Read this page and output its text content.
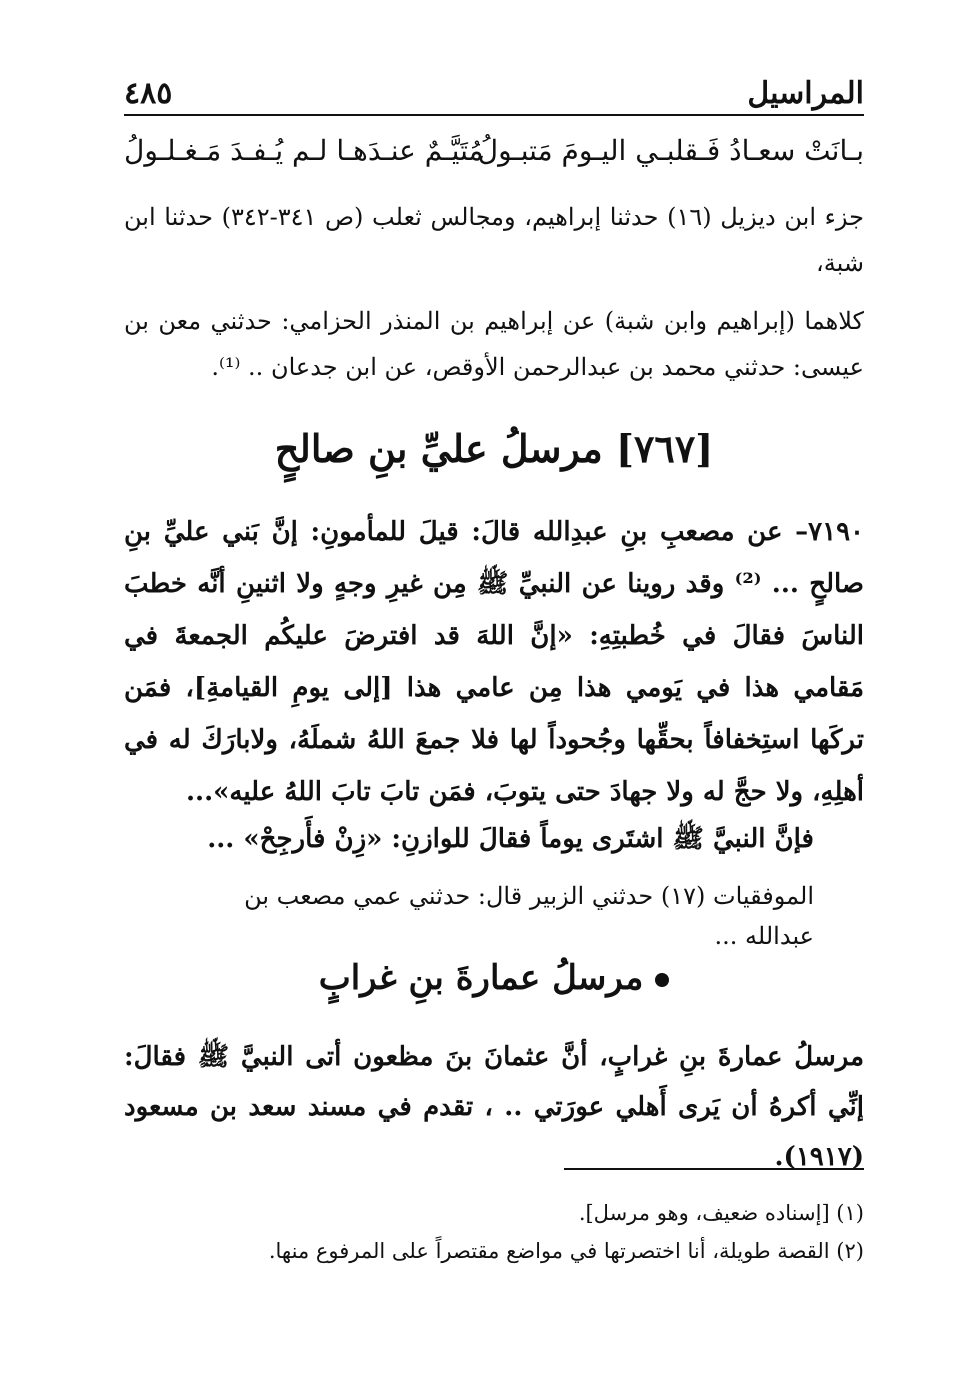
المراسيل
٤٨٥
بـانَتْ سعـادُ فَـقلبـي اليـومَ مَتبـولُ
مُتَيَّـمٌ عنـدَهـا لـم يُـفـدَ مَـغـلـولُ
جزء ابن ديزيل (١٦) حدثنا إبراهيم، ومجالس ثعلب (ص ٣٤١-٣٤٢) حدثنا ابن شبة،
كلاهما (إبراهيم وابن شبة) عن إبراهيم بن المنذر الحزامي: حدثني معن بن عيسى: حدثني محمد بن عبدالرحمن الأوقص، عن ابن جدعان .. ⁽¹⁾.
[٧٦٧] مرسلُ عليِّ بنِ صالحٍ
٧١٩٠– عن مصعبِ بنِ عبدِالله قالَ: قيلَ للمأمونِ: إنَّ بَني عليِّ بنِ صالحٍ ... ⁽²⁾ وقد روينا عن النبيِّ ﷺ مِن غيرِ وجهٍ ولا اثنينِ أنَّه خطبَ الناسَ فقالَ في خُطبتِهِ: «إنَّ اللهَ قد افترضَ عليكُم الجمعةَ في مَقامي هذا في يَومي هذا مِن عامي هذا [إلى يومِ القيامةِ]، فمَن تركَها استِخفافاً بحقِّها وجُحوداً لها فلا جمعَ اللهُ شملَهُ، ولابارَكَ له في أهلِهِ، ولا حجَّ له ولا جهادَ حتى يتوبَ، فمَن تابَ تابَ اللهُ عليه»...
فإنَّ النبيَّ ﷺ اشتَرى يوماً فقالَ للوازنِ: «زِنْ فأَرجِحْ» ...
الموفقيات (١٧) حدثني الزبير قال: حدثني عمي مصعب بن عبدالله ...
مرسلُ عمارةَ بنِ غرابٍ
مرسلُ عمارةَ بنِ غرابٍ، أنَّ عثمانَ بنَ مظعون أتى النبيَّ ﷺ فقالَ: إنِّي أكرهُ أن يَرى أَهلي عورَتي .. ، تقدم في مسند سعد بن مسعود (١٩١٧).
(١) [إسناده ضعيف، وهو مرسل].
(٢) القصة طويلة، أنا اختصرتها في مواضع مقتصراً على المرفوع منها.
